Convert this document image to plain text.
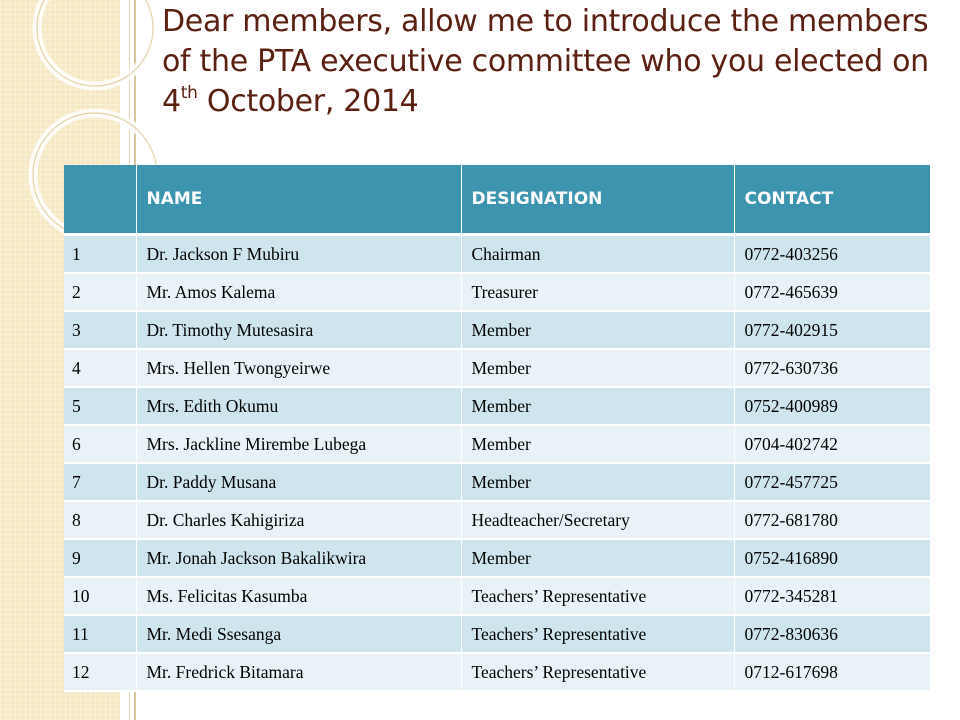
Dear members, allow me to introduce the members of the PTA executive committee who you elected on 4th October, 2014
	NAME	DESIGNATION	CONTACT
1	Dr. Jackson F Mubiru	Chairman	0772-403256
2	Mr. Amos Kalema	Treasurer	0772-465639
3	Dr. Timothy Mutesasira	Member	0772-402915
4	Mrs. Hellen Twongyeirwe	Member	0772-630736
5	Mrs. Edith Okumu	Member	0752-400989
6	Mrs. Jackline Mirembe Lubega	Member	0704-402742
7	Dr. Paddy Musana	Member	0772-457725
8	Dr. Charles Kahigiriza	Headteacher/Secretary	0772-681780
9	Mr. Jonah Jackson Bakalikwira	Member	0752-416890
10	Ms. Felicitas Kasumba	Teachers’ Representative	0772-345281
11	Mr. Medi Ssesanga	Teachers’ Representative	0772-830636
12	Mr. Fredrick Bitamara	Teachers’ Representative	0712-617698
